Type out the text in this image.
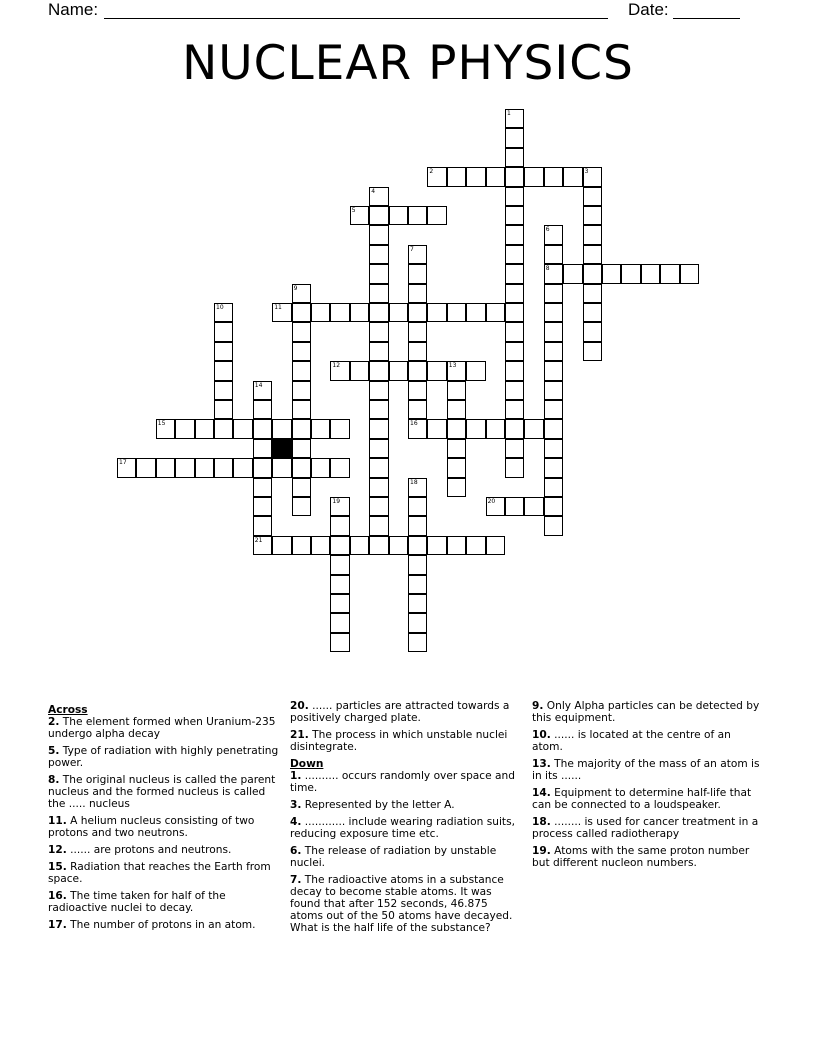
Name:	Date:
NUCLEAR PHYSICS
1
2	3
4
5
6
8
7
16
9
10	11
12	13
14
21
15
17
18
19	20
Across
2. The element formed when Uranium-235 undergo alpha decay
5. Type of radiation with highly penetrating power.
8. The original nucleus is called the parent nucleus and the formed nucleus is called the ..... nucleus
11. A helium nucleus consisting of two protons and two neutrons.
12. ...... are protons and neutrons.
15. Radiation that reaches the Earth from space.
16. The time taken for half of the radioactive nuclei to decay.
17. The number of protons in an atom.
20. ...... particles are attracted towards a positively charged plate.
21. The process in which unstable nuclei disintegrate.
Down
1. .......... occurs randomly over space and time.
3. Represented by the letter A.
4. ............ include wearing radiation suits, reducing exposure time etc.
6. The release of radiation by unstable nuclei.
7. The radioactive atoms in a substance decay to become stable atoms. It was found that after 152 seconds, 46.875 atoms out of the 50 atoms have decayed. What is the half life of the substance?
9. Only Alpha particles can be detected by this equipment.
10. ...... is located at the centre of an atom.
13. The majority of the mass of an atom is in its ......
14. Equipment to determine half-life that can be connected to a loudspeaker.
18. ........ is used for cancer treatment in a process called radiotherapy
19. Atoms with the same proton number but different nucleon numbers.
